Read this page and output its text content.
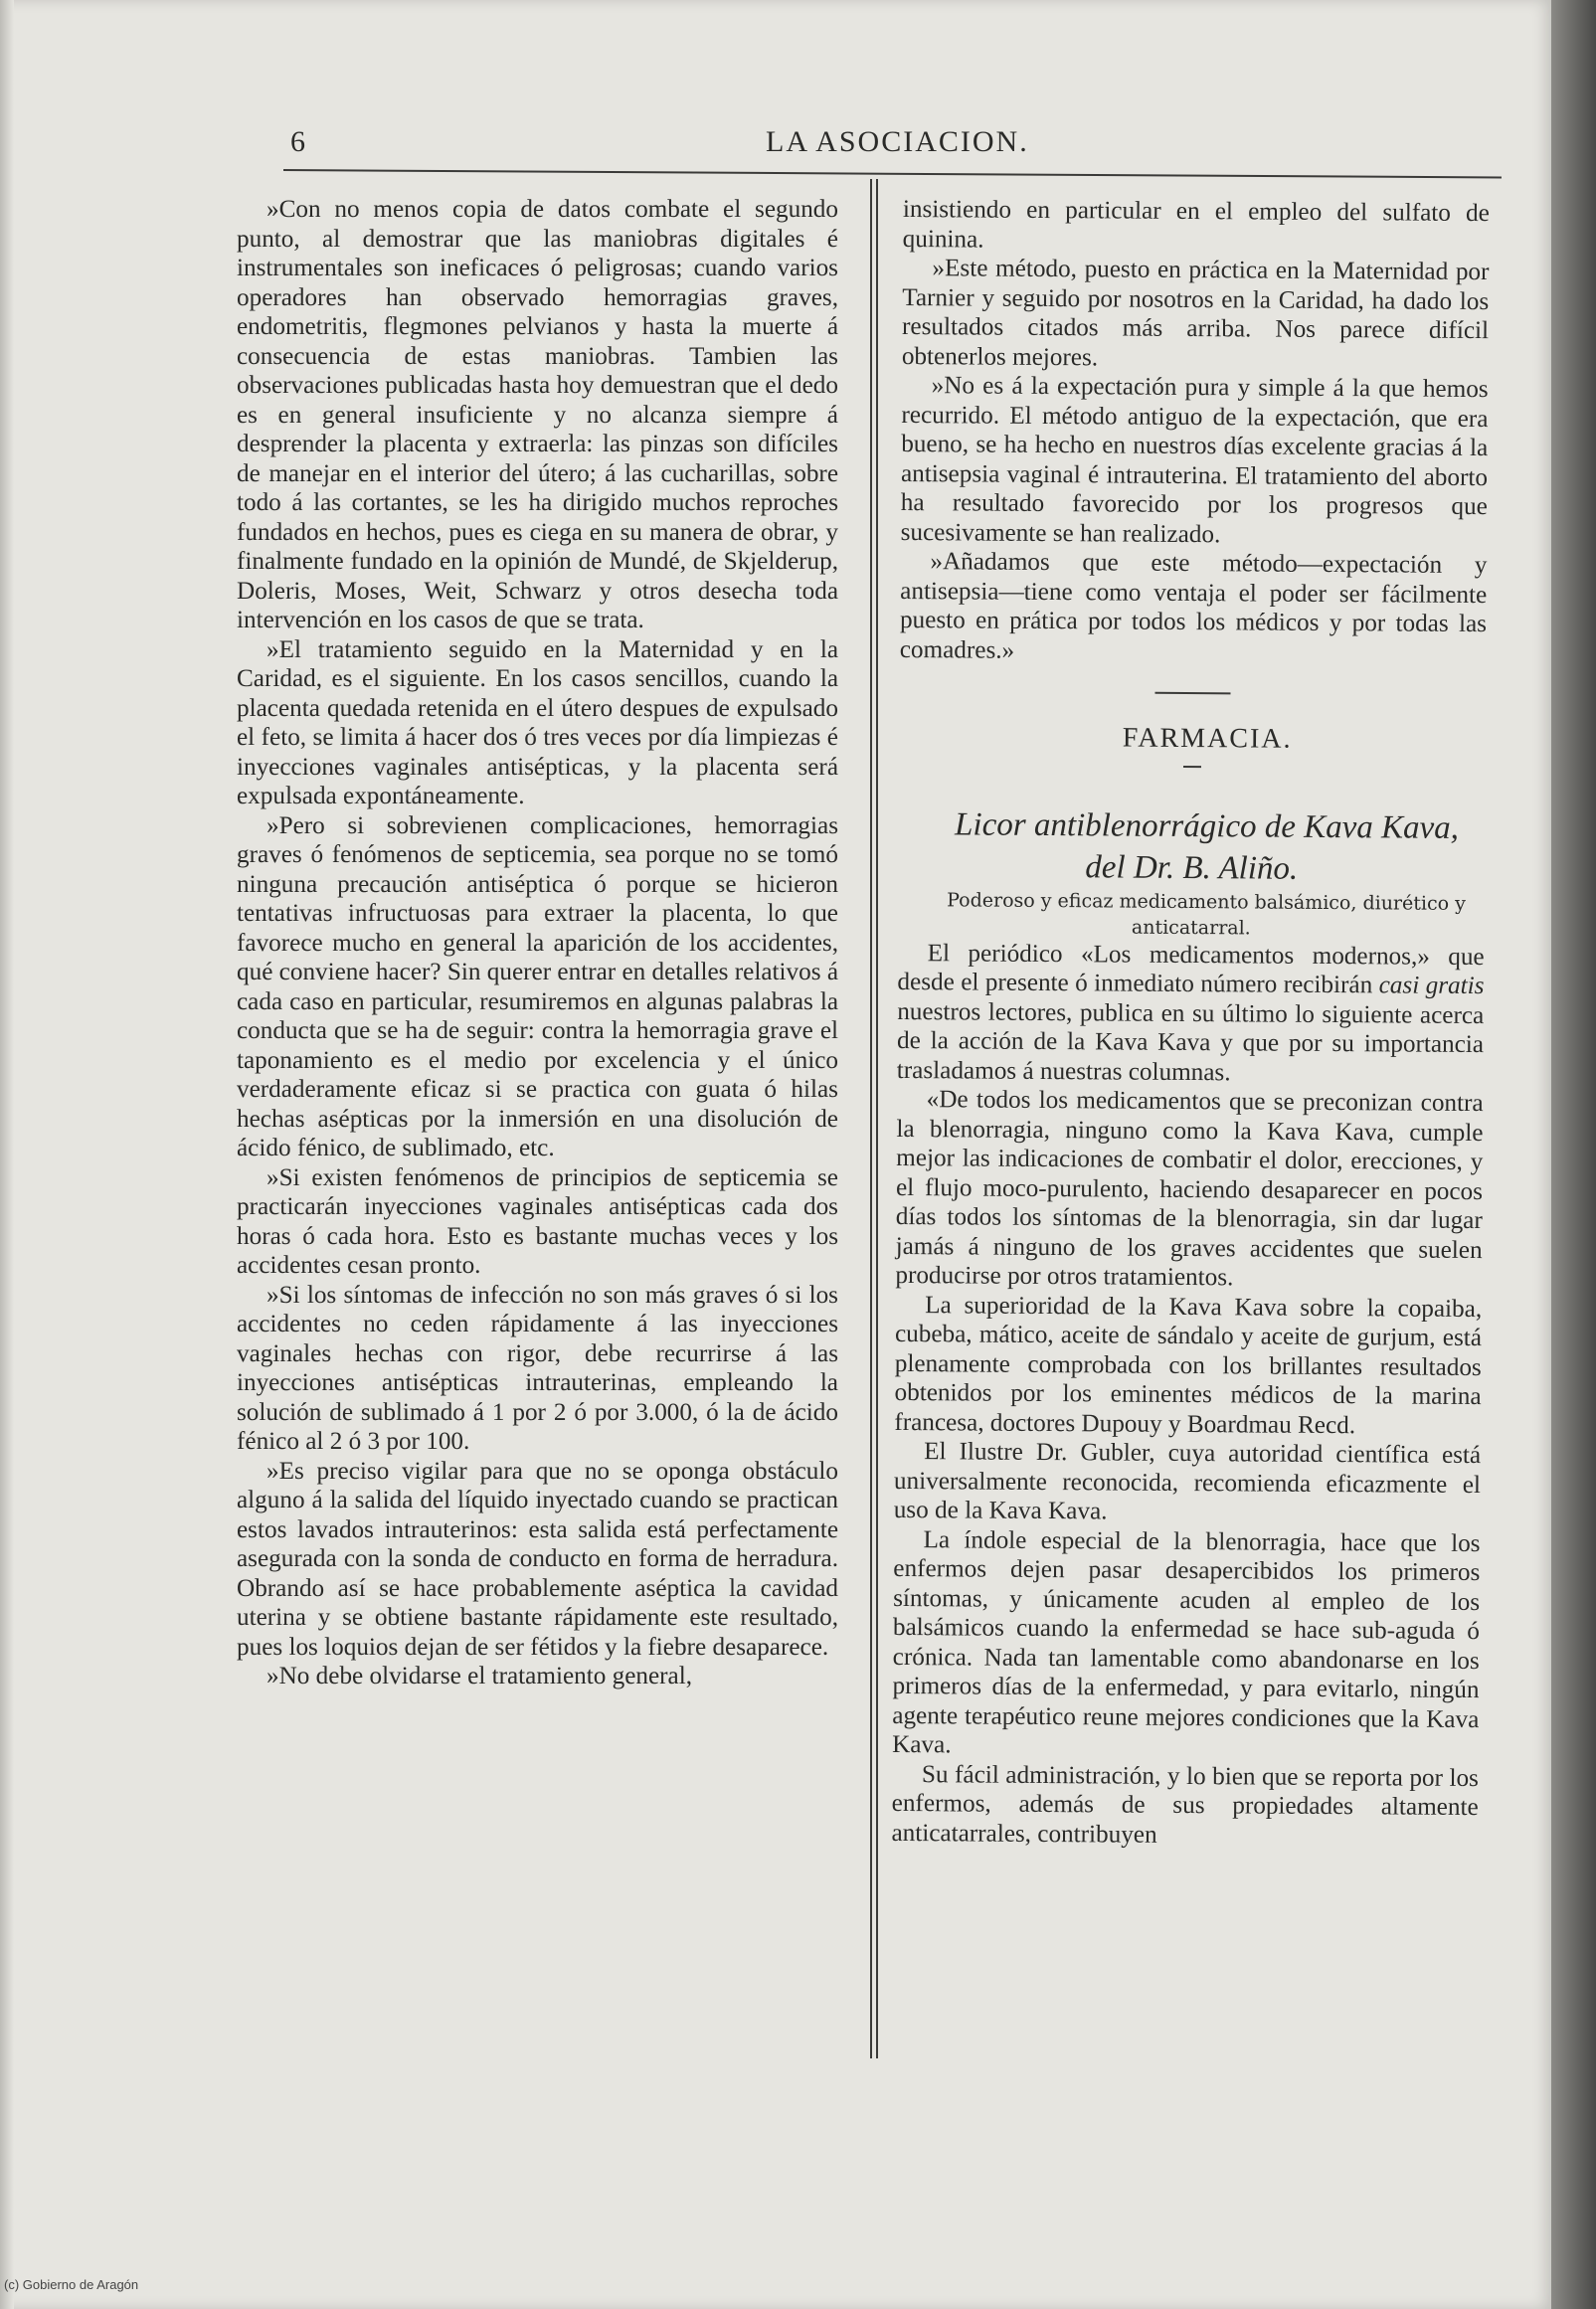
6	LA ASOCIACION.

»Con no menos copia de datos combate el segundo punto, al demostrar que las maniobras digitales é instrumentales son ineficaces ó peligrosas; cuando varios operadores han observado hemorragias graves, endometritis, flegmones pelvianos y hasta la muerte á consecuencia de estas maniobras. Tambien las observaciones publicadas hasta hoy demuestran que el dedo es en general insuficiente y no alcanza siempre á desprender la placenta y extraerla: las pinzas son difíciles de manejar en el interior del útero; á las cucharillas, sobre todo á las cortantes, se les ha dirigido muchos reproches fundados en hechos, pues es ciega en su manera de obrar, y finalmente fundado en la opinión de Mundé, de Skjelderup, Doleris, Moses, Weit, Schwarz y otros desecha toda intervención en los casos de que se trata.

»El tratamiento seguido en la Maternidad y en la Caridad, es el siguiente. En los casos sencillos, cuando la placenta quedada retenida en el útero despues de expulsado el feto, se limita á hacer dos ó tres veces por día limpiezas é inyecciones vaginales antisépticas, y la placenta será expulsada expontáneamente.

»Pero si sobrevienen complicaciones, hemorragias graves ó fenómenos de septicemia, sea porque no se tomó ninguna precaución antiséptica ó porque se hicieron tentativas infructuosas para extraer la placenta, lo que favorece mucho en general la aparición de los accidentes, qué conviene hacer? Sin querer entrar en detalles relativos á cada caso en particular, resumiremos en algunas palabras la conducta que se ha de seguir: contra la hemorragia grave el taponamiento es el medio por excelencia y el único verdaderamente eficaz si se practica con guata ó hilas hechas asépticas por la inmersión en una disolución de ácido fénico, de sublimado, etc.

»Si existen fenómenos de principios de septicemia se practicarán inyecciones vaginales antisépticas cada dos horas ó cada hora. Esto es bastante muchas veces y los accidentes cesan pronto.

»Si los síntomas de infección no son más graves ó si los accidentes no ceden rápidamente á las inyecciones vaginales hechas con rigor, debe recurrirse á las inyecciones antisépticas intrauterinas, empleando la solución de sublimado á 1 por 2 ó por 3.000, ó la de ácido fénico al 2 ó 3 por 100.

»Es preciso vigilar para que no se oponga obstáculo alguno á la salida del líquido inyectado cuando se practican estos lavados intrauterinos: esta salida está perfectamente asegurada con la sonda de conducto en forma de herradura. Obrando así se hace probablemente aséptica la cavidad uterina y se obtiene bastante rápidamente este resultado, pues los loquios dejan de ser fétidos y la fiebre desaparece.

»No debe olvidarse el tratamiento general,

insistiendo en particular en el empleo del sulfato de quinina.

»Este método, puesto en práctica en la Maternidad por Tarnier y seguido por nosotros en la Caridad, ha dado los resultados citados más arriba. Nos parece difícil obtenerlos mejores.

»No es á la expectación pura y simple á la que hemos recurrido. El método antiguo de la expectación, que era bueno, se ha hecho en nuestros días excelente gracias á la antisepsia vaginal é intrauterina. El tratamiento del aborto ha resultado favorecido por los progresos que sucesivamente se han realizado.

»Añadamos que este método—expectación y antisepsia—tiene como ventaja el poder ser fácilmente puesto en prática por todos los médicos y por todas las comadres.»

FARMACIA.

Licor antiblenorrágico de Kava Kava,
del Dr. B. Aliño.

Poderoso y eficaz medicamento balsámico, diurético y anticatarral.

El periódico «Los medicamentos modernos,» que desde el presente ó inmediato número recibirán casi gratis nuestros lectores, publica en su último lo siguiente acerca de la acción de la Kava Kava y que por su importancia trasladamos á nuestras columnas.

«De todos los medicamentos que se preconizan contra la blenorragia, ninguno como la Kava Kava, cumple mejor las indicaciones de combatir el dolor, erecciones, y el flujo moco-purulento, haciendo desaparecer en pocos días todos los síntomas de la blenorragia, sin dar lugar jamás á ninguno de los graves accidentes que suelen producirse por otros tratamientos.

La superioridad de la Kava Kava sobre la copaiba, cubeba, mático, aceite de sándalo y aceite de gurjum, está plenamente comprobada con los brillantes resultados obtenidos por los eminentes médicos de la marina francesa, doctores Dupouy y Boardmau Recd.

El Ilustre Dr. Gubler, cuya autoridad científica está universalmente reconocida, recomienda eficazmente el uso de la Kava Kava.

La índole especial de la blenorragia, hace que los enfermos dejen pasar desapercibidos los primeros síntomas, y únicamente acuden al empleo de los balsámicos cuando la enfermedad se hace sub-aguda ó crónica. Nada tan lamentable como abandonarse en los primeros días de la enfermedad, y para evitarlo, ningún agente terapéutico reune mejores condiciones que la Kava Kava.

Su fácil administración, y lo bien que se reporta por los enfermos, además de sus propiedades altamente anticatarrales, contribuyen

(c) Gobierno de Aragón
